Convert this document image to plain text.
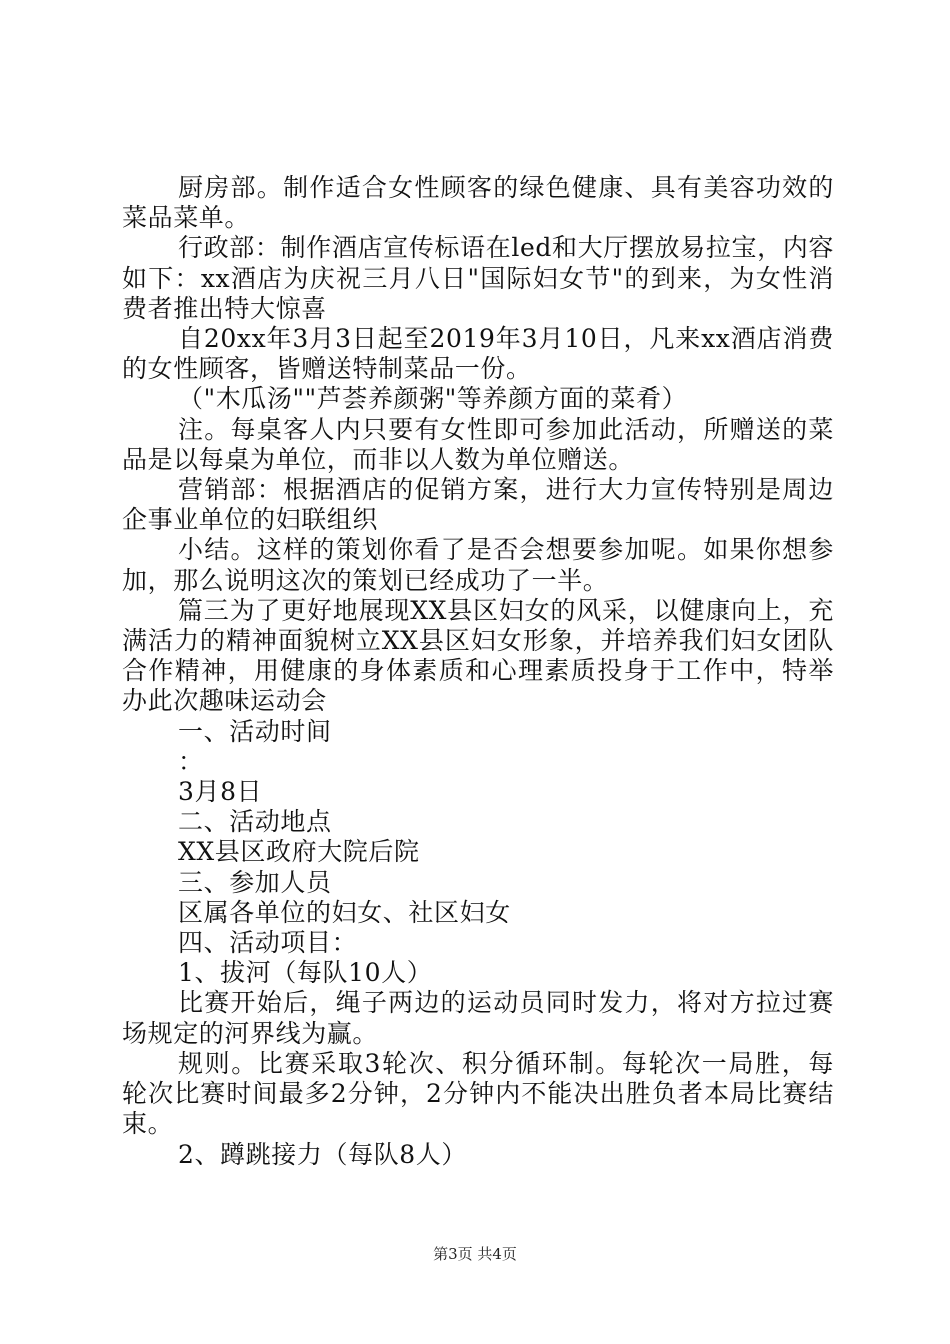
厨房部。制作适合女性顾客的绿色健康、具有美容功效的菜品菜单。

行政部：制作酒店宣传标语在led和大厅摆放易拉宝，内容如下：xx酒店为庆祝三月八日"国际妇女节"的到来，为女性消费者推出特大惊喜

自20xx年3月3日起至2019年3月10日，凡来xx酒店消费的女性顾客，皆赠送特制菜品一份。

（"木瓜汤""芦荟养颜粥"等养颜方面的菜肴）

注。每桌客人内只要有女性即可参加此活动，所赠送的菜品是以每桌为单位，而非以人数为单位赠送。

营销部：根据酒店的促销方案，进行大力宣传特别是周边企事业单位的妇联组织

小结。这样的策划你看了是否会想要参加呢。如果你想参加，那么说明这次的策划已经成功了一半。

篇三为了更好地展现XX县区妇女的风采，以健康向上，充满活力的精神面貌树立XX县区妇女形象，并培养我们妇女团队合作精神，用健康的身体素质和心理素质投身于工作中，特举办此次趣味运动会

一、活动时间

：

3月8日

二、活动地点

XX县区政府大院后院

三、参加人员

区属各单位的妇女、社区妇女

四、活动项目：

1、拔河（每队10人）

比赛开始后，绳子两边的运动员同时发力，将对方拉过赛场规定的河界线为赢。

规则。比赛采取3轮次、积分循环制。每轮次一局胜，每轮次比赛时间最多2分钟，2分钟内不能决出胜负者本局比赛结束。

2、蹲跳接力（每队8人）

第3页 共4页
